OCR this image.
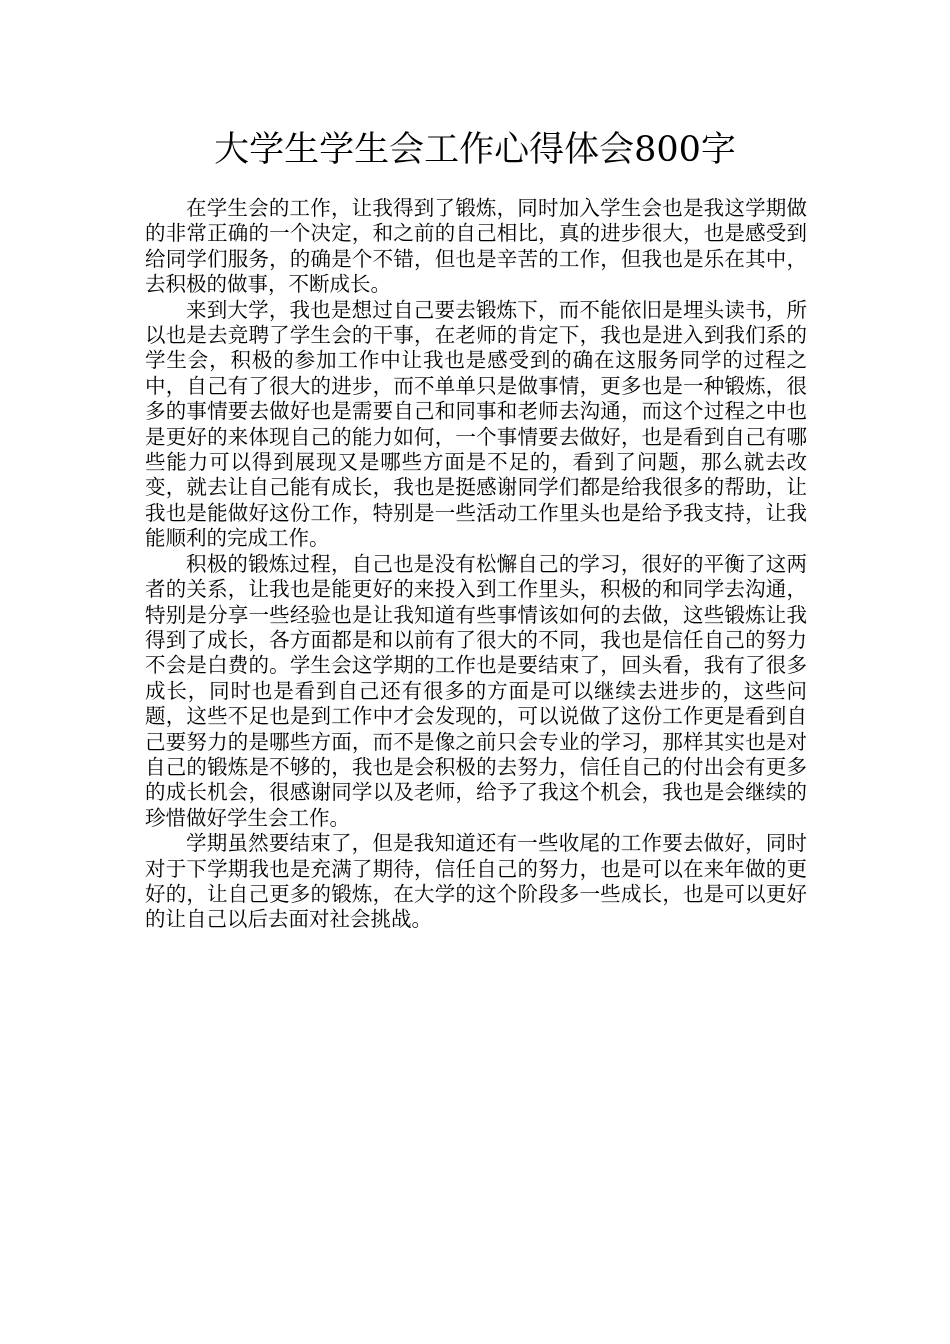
大学生学生会工作心得体会800字

在学生会的工作，让我得到了锻炼，同时加入学生会也是我这学期做的非常正确的一个决定，和之前的自己相比，真的进步很大，也是感受到给同学们服务，的确是个不错，但也是辛苦的工作，但我也是乐在其中，去积极的做事，不断成长。

来到大学，我也是想过自己要去锻炼下，而不能依旧是埋头读书，所以也是去竞聘了学生会的干事，在老师的肯定下，我也是进入到我们系的学生会，积极的参加工作中让我也是感受到的确在这服务同学的过程之中，自己有了很大的进步，而不单单只是做事情，更多也是一种锻炼，很多的事情要去做好也是需要自己和同事和老师去沟通，而这个过程之中也是更好的来体现自己的能力如何，一个事情要去做好，也是看到自己有哪些能力可以得到展现又是哪些方面是不足的，看到了问题，那么就去改变，就去让自己能有成长，我也是挺感谢同学们都是给我很多的帮助，让我也是能做好这份工作，特别是一些活动工作里头也是给予我支持，让我能顺利的完成工作。

积极的锻炼过程，自己也是没有松懈自己的学习，很好的平衡了这两者的关系，让我也是能更好的来投入到工作里头，积极的和同学去沟通，特别是分享一些经验也是让我知道有些事情该如何的去做，这些锻炼让我得到了成长，各方面都是和以前有了很大的不同，我也是信任自己的努力不会是白费的。学生会这学期的工作也是要结束了，回头看，我有了很多成长，同时也是看到自己还有很多的方面是可以继续去进步的，这些问题，这些不足也是到工作中才会发现的，可以说做了这份工作更是看到自己要努力的是哪些方面，而不是像之前只会专业的学习，那样其实也是对自己的锻炼是不够的，我也是会积极的去努力，信任自己的付出会有更多的成长机会，很感谢同学以及老师，给予了我这个机会，我也是会继续的珍惜做好学生会工作。

学期虽然要结束了，但是我知道还有一些收尾的工作要去做好，同时对于下学期我也是充满了期待，信任自己的努力，也是可以在来年做的更好的，让自己更多的锻炼，在大学的这个阶段多一些成长，也是可以更好的让自己以后去面对社会挑战。
